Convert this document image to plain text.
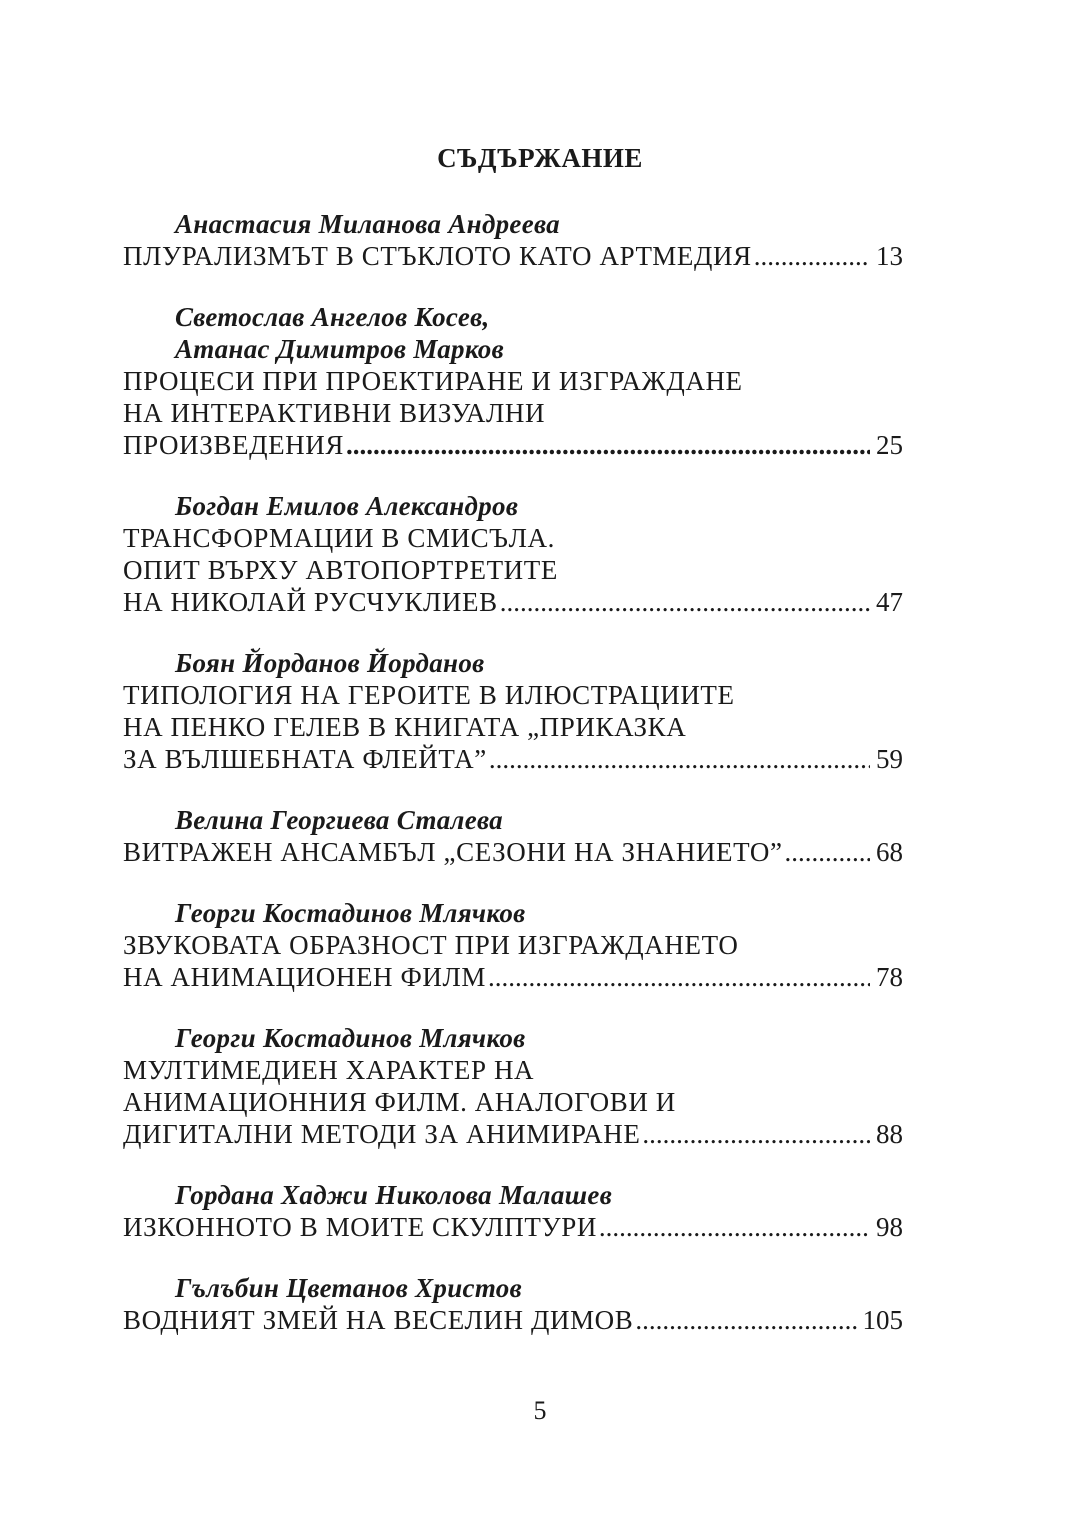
СЪДЪРЖАНИЕ
Анастасия Миланова Андреева
ПЛУРАЛИЗМЪТ В СТЪКЛОТО КАТО АРТМЕДИЯ .....	13
Светослав Ангелов Косев,
Атанас Димитров Марков
ПРОЦЕСИ ПРИ ПРОЕКТИРАНЕ И ИЗГРАЖДАНЕ
НА ИНТЕРАКТИВНИ ВИЗУАЛНИ
ПРОИЗВЕДЕНИЯ .....	25
Богдан Емилов Александров
ТРАНСФОРМАЦИИ В СМИСЪЛА.
ОПИТ ВЪРХУ АВТОПОРТРЕТИТЕ
НА НИКОЛАЙ РУСЧУКЛИЕВ .....	47
Боян Йорданов Йорданов
ТИПОЛОГИЯ НА ГЕРОИТЕ В ИЛЮСТРАЦИИТЕ
НА ПЕНКО ГЕЛЕВ В КНИГАТА „ПРИКАЗКА
ЗА ВЪЛШЕБНАТА ФЛЕЙТА” .....	59
Велина Георгиева Сталева
ВИТРАЖЕН АНСАМБЪЛ „СЕЗОНИ НА ЗНАНИЕТО” .....	68
Георги Костадинов Млячков
ЗВУКОВАТА ОБРАЗНОСТ ПРИ ИЗГРАЖДАНЕТО
НА АНИМАЦИОНЕН ФИЛМ .....	78
Георги Костадинов Млячков
МУЛТИМЕДИЕН ХАРАКТЕР НА
АНИМАЦИОННИЯ ФИЛМ. АНАЛОГОВИ И
ДИГИТАЛНИ МЕТОДИ ЗА АНИМИРАНЕ .....	88
Гордана Хаджи Николова Малашев
ИЗКОННОТО В МОИТЕ СКУЛПТУРИ .....	98
Гълъбин Цветанов Христов
ВОДНИЯТ ЗМЕЙ НА ВЕСЕЛИН ДИМОВ .....	105
5
